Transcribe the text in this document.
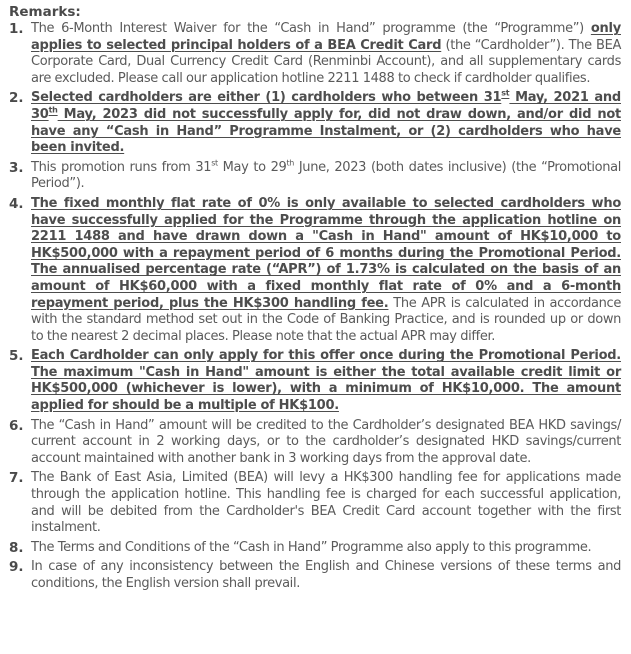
Remarks:
1. The 6-Month Interest Waiver for the “Cash in Hand” programme (the “Programme”) only applies to selected principal holders of a BEA Credit Card (the “Cardholder”). The BEA Corporate Card, Dual Currency Credit Card (Renminbi Account), and all supplementary cards are excluded. Please call our application hotline 2211 1488 to check if cardholder qualifies.
2. Selected cardholders are either (1) cardholders who between 31st May, 2021 and 30th May, 2023 did not successfully apply for, did not draw down, and/or did not have any “Cash in Hand” Programme Instalment, or (2) cardholders who have been invited.
3. This promotion runs from 31st May to 29th June, 2023 (both dates inclusive) (the “Promotional Period”).
4. The fixed monthly flat rate of 0% is only available to selected cardholders who have successfully applied for the Programme through the application hotline on 2211 1488 and have drawn down a "Cash in Hand" amount of HK$10,000 to HK$500,000 with a repayment period of 6 months during the Promotional Period. The annualised percentage rate (“APR”) of 1.73% is calculated on the basis of an amount of HK$60,000 with a fixed monthly flat rate of 0% and a 6-month repayment period, plus the HK$300 handling fee. The APR is calculated in accordance with the standard method set out in the Code of Banking Practice, and is rounded up or down to the nearest 2 decimal places. Please note that the actual APR may differ.
5. Each Cardholder can only apply for this offer once during the Promotional Period. The maximum "Cash in Hand" amount is either the total available credit limit or HK$500,000 (whichever is lower), with a minimum of HK$10,000. The amount applied for should be a multiple of HK$100.
6. The “Cash in Hand” amount will be credited to the Cardholder’s designated BEA HKD savings/ current account in 2 working days, or to the cardholder’s designated HKD savings/current account maintained with another bank in 3 working days from the approval date.
7. The Bank of East Asia, Limited (BEA) will levy a HK$300 handling fee for applications made through the application hotline. This handling fee is charged for each successful application, and will be debited from the Cardholder's BEA Credit Card account together with the first instalment.
8. The Terms and Conditions of the “Cash in Hand” Programme also apply to this programme.
9. In case of any inconsistency between the English and Chinese versions of these terms and conditions, the English version shall prevail.
